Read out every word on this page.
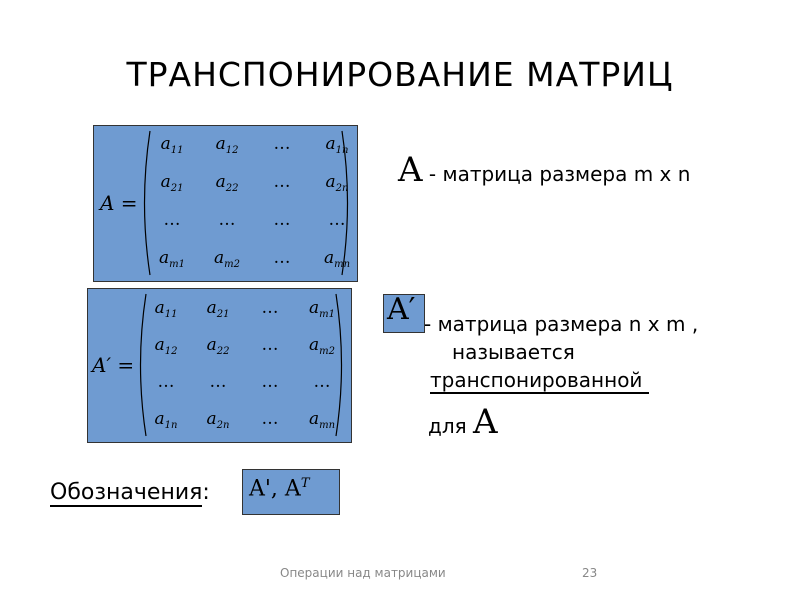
ТРАНСПОНИРОВАНИЕ МАТРИЦ
A =
$a_{11}$	$a_{12}$	…	$a_{1n}$
$a_{21}$	$a_{22}$	…	$a_{2n}$
…	…	…	…
$a_{m1}$	$a_{m2}$	…	$a_{mn}$
A′ =
$a_{11}$	$a_{21}$	…	$a_{m1}$
$a_{12}$	$a_{22}$	…	$a_{m2}$
…	…	…	…
$a_{1n}$	$a_{2n}$	…	$a_{mn}$
A - матрица размера m x n
A′ - матрица размера n x m ,
называется
транспонированной
для A
Обозначения: A', $A^T$
Операции над матрицами	23
